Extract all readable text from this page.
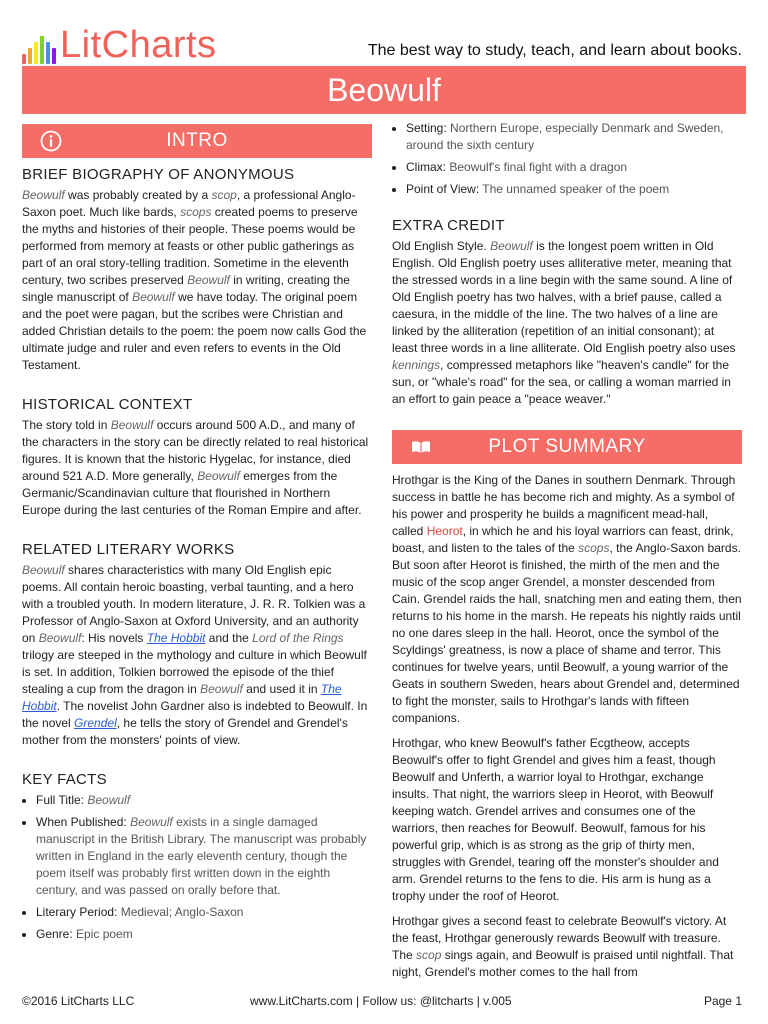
LitCharts	The best way to study, teach, and learn about books.
Beowulf
INTRO
BRIEF BIOGRAPHY OF ANONYMOUS

Beowulf was probably created by a scop, a professional Anglo-Saxon poet. Much like bards, scops created poems to preserve the myths and histories of their people. These poems would be performed from memory at feasts or other public gatherings as part of an oral story-telling tradition. Sometime in the eleventh century, two scribes preserved Beowulf in writing, creating the single manuscript of Beowulf we have today. The original poem and the poet were pagan, but the scribes were Christian and added Christian details to the poem: the poem now calls God the ultimate judge and ruler and even refers to events in the Old Testament.

HISTORICAL CONTEXT

The story told in Beowulf occurs around 500 A.D., and many of the characters in the story can be directly related to real historical figures. It is known that the historic Hygelac, for instance, died around 521 A.D. More generally, Beowulf emerges from the Germanic/Scandinavian culture that flourished in Northern Europe during the last centuries of the Roman Empire and after.

RELATED LITERARY WORKS

Beowulf shares characteristics with many Old English epic poems. All contain heroic boasting, verbal taunting, and a hero with a troubled youth. In modern literature, J. R. R. Tolkien was a Professor of Anglo-Saxon at Oxford University, and an authority on Beowulf: His novels The Hobbit and the Lord of the Rings trilogy are steeped in the mythology and culture in which Beowulf is set. In addition, Tolkien borrowed the episode of the thief stealing a cup from the dragon in Beowulf and used it in The Hobbit. The novelist John Gardner also is indebted to Beowulf. In the novel Grendel, he tells the story of Grendel and Grendel's mother from the monsters' points of view.

KEY FACTS
• Full Title: Beowulf
• When Published: Beowulf exists in a single damaged manuscript in the British Library. The manuscript was probably written in England in the early eleventh century, though the poem itself was probably first written down in the eighth century, and was passed on orally before that.
• Literary Period: Medieval; Anglo-Saxon
• Genre: Epic poem
• Setting: Northern Europe, especially Denmark and Sweden, around the sixth century
• Climax: Beowulf's final fight with a dragon
• Point of View: The unnamed speaker of the poem
EXTRA CREDIT

Old English Style. Beowulf is the longest poem written in Old English. Old English poetry uses alliterative meter, meaning that the stressed words in a line begin with the same sound. A line of Old English poetry has two halves, with a brief pause, called a caesura, in the middle of the line. The two halves of a line are linked by the alliteration (repetition of an initial consonant); at least three words in a line alliterate. Old English poetry also uses kennings, compressed metaphors like "heaven's candle" for the sun, or "whale's road" for the sea, or calling a woman married in an effort to gain peace a "peace weaver."

PLOT SUMMARY

Hrothgar is the King of the Danes in southern Denmark. Through success in battle he has become rich and mighty. As a symbol of his power and prosperity he builds a magnificent mead-hall, called Heorot, in which he and his loyal warriors can feast, drink, boast, and listen to the tales of the scops, the Anglo-Saxon bards. But soon after Heorot is finished, the mirth of the men and the music of the scop anger Grendel, a monster descended from Cain. Grendel raids the hall, snatching men and eating them, then returns to his home in the marsh. He repeats his nightly raids until no one dares sleep in the hall. Heorot, once the symbol of the Scyldings' greatness, is now a place of shame and terror. This continues for twelve years, until Beowulf, a young warrior of the Geats in southern Sweden, hears about Grendel and, determined to fight the monster, sails to Hrothgar's lands with fifteen companions.

Hrothgar, who knew Beowulf's father Ecgtheow, accepts Beowulf's offer to fight Grendel and gives him a feast, though Beowulf and Unferth, a warrior loyal to Hrothgar, exchange insults. That night, the warriors sleep in Heorot, with Beowulf keeping watch. Grendel arrives and consumes one of the warriors, then reaches for Beowulf. Beowulf, famous for his powerful grip, which is as strong as the grip of thirty men, struggles with Grendel, tearing off the monster's shoulder and arm. Grendel returns to the fens to die. His arm is hung as a trophy under the roof of Heorot.

Hrothgar gives a second feast to celebrate Beowulf's victory. At the feast, Hrothgar generously rewards Beowulf with treasure. The scop sings again, and Beowulf is praised until nightfall. That night, Grendel's mother comes to the hall from

©2016 LitCharts LLC	www.LitCharts.com | Follow us: @litcharts | v.005	Page 1
